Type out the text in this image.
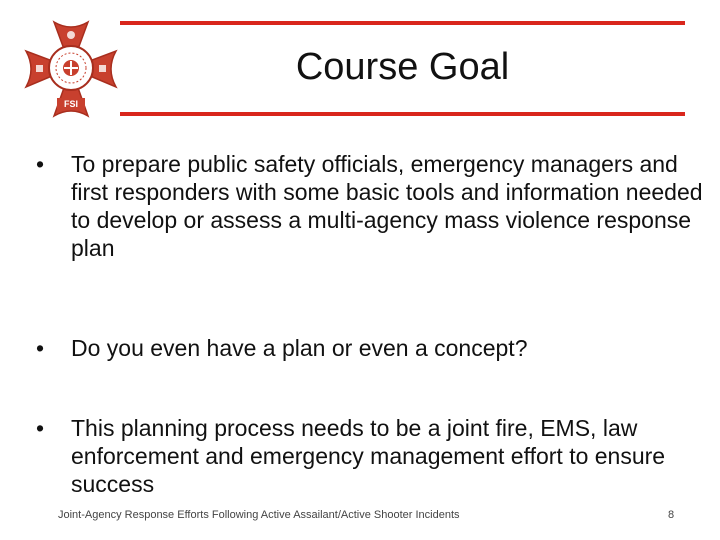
FSI
Course Goal
•	To prepare public safety officials, emergency managers and first responders with some basic tools and information needed to develop or assess a multi-agency mass violence response plan
•	Do you even have a plan or even a concept?
•	This planning process needs to be a joint fire, EMS, law enforcement and emergency management effort to ensure success
Joint-Agency Response Efforts Following Active Assailant/Active Shooter Incidents	8
